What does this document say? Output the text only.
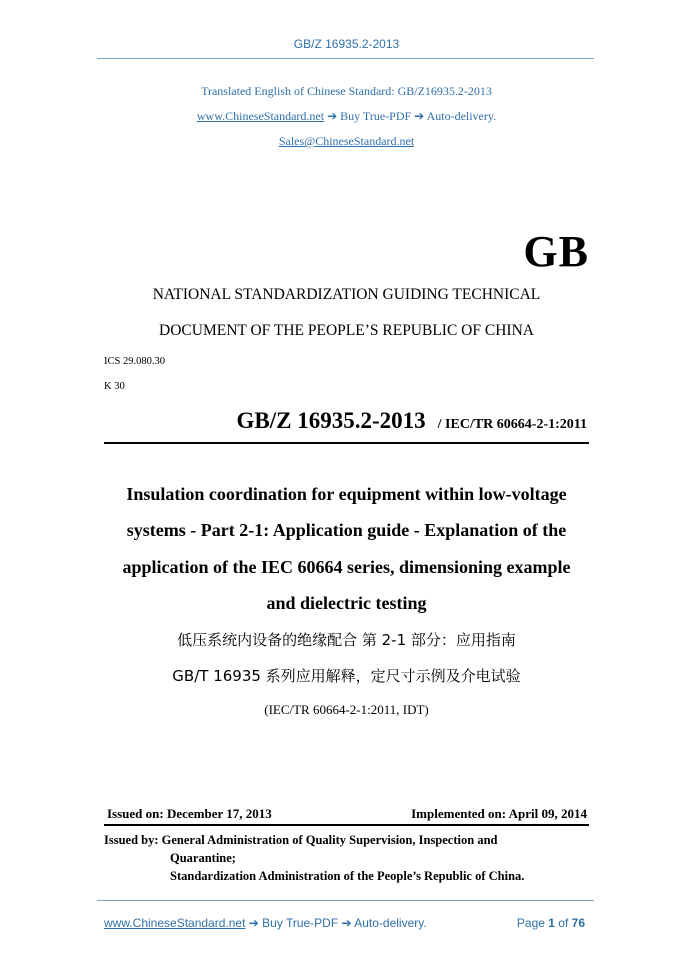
GB/Z 16935.2-2013
Translated English of Chinese Standard: GB/Z16935.2-2013
www.ChineseStandard.net ➔ Buy True-PDF ➔ Auto-delivery.
Sales@ChineseStandard.net
GB
NATIONAL STANDARDIZATION GUIDING TECHNICAL
DOCUMENT OF THE PEOPLE’S REPUBLIC OF CHINA
ICS 29.080.30
K 30
GB/Z 16935.2-2013 / IEC/TR 60664-2-1:2011
Insulation coordination for equipment within low-voltage
systems - Part 2-1: Application guide - Explanation of the
application of the IEC 60664 series, dimensioning example
and dielectric testing
低压系统内设备的绝缘配合 第 2-1 部分：应用指南
GB/T 16935 系列应用解释，定尺寸示例及介电试验
(IEC/TR 60664-2-1:2011, IDT)
Issued on: December 17, 2013	Implemented on: April 09, 2014
Issued by: General Administration of Quality Supervision, Inspection and
Quarantine;
Standardization Administration of the People’s Republic of China.
www.ChineseStandard.net ➔ Buy True-PDF ➔ Auto-delivery.	Page 1 of 76
